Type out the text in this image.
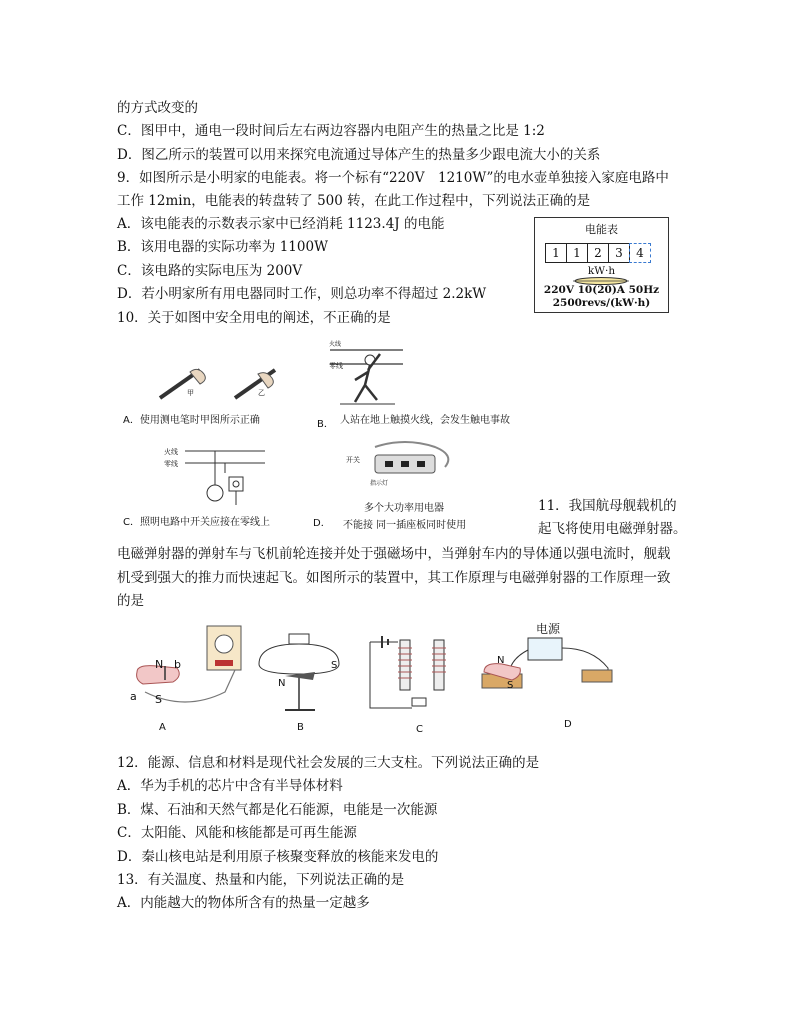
的方式改变的
C．图甲中，通电一段时间后左右两边容器内电阻产生的热量之比是 1:2
D．图乙所示的装置可以用来探究电流通过导体产生的热量多少跟电流大小的关系
9．如图所示是小明家的电能表。将一个标有“220V　1210W”的电水壶单独接入家庭电路中
工作 12min，电能表的转盘转了 500 转，在此工作过程中，下列说法正确的是
A．该电能表的示数表示家中已经消耗 1123.4J 的电能
B．该用电器的实际功率为 1100W
C．该电路的实际电压为 200V
D．若小明家所有用电器同时工作，则总功率不得超过 2.2kW
10．关于如图中安全用电的阐述，不正确的是
电能表
1	1	2	3	4
kW·h
220V 10(20)A 50Hz
2500revs/(kW·h)
甲	乙
A．使用测电笔时甲图所示正确
火线
零线
B． 人站在地上触摸火线，会发生触电事故
火线
零线
C．照明电路中开关应接在零线上
开关
指示灯
D．
多个大功率用电器
不能接 同一插座板同时使用
11．我国航母舰载机的
起飞将使用电磁弹射器。
电磁弹射器的弹射车与飞机前轮连接并处于强磁场中，当弹射车内的导体通以强电流时，舰载
机受到强大的推力而快速起飞。如图所示的装置中，其工作原理与电磁弹射器的工作原理一致
的是
N b
a S
A
N
S
B	C
电源
N
S
D
12．能源、信息和材料是现代社会发展的三大支柱。下列说法正确的是
A．华为手机的芯片中含有半导体材料
B．煤、石油和天然气都是化石能源，电能是一次能源
C．太阳能、风能和核能都是可再生能源
D．秦山核电站是利用原子核聚变释放的核能来发电的
13．有关温度、热量和内能，下列说法正确的是
A．内能越大的物体所含有的热量一定越多
